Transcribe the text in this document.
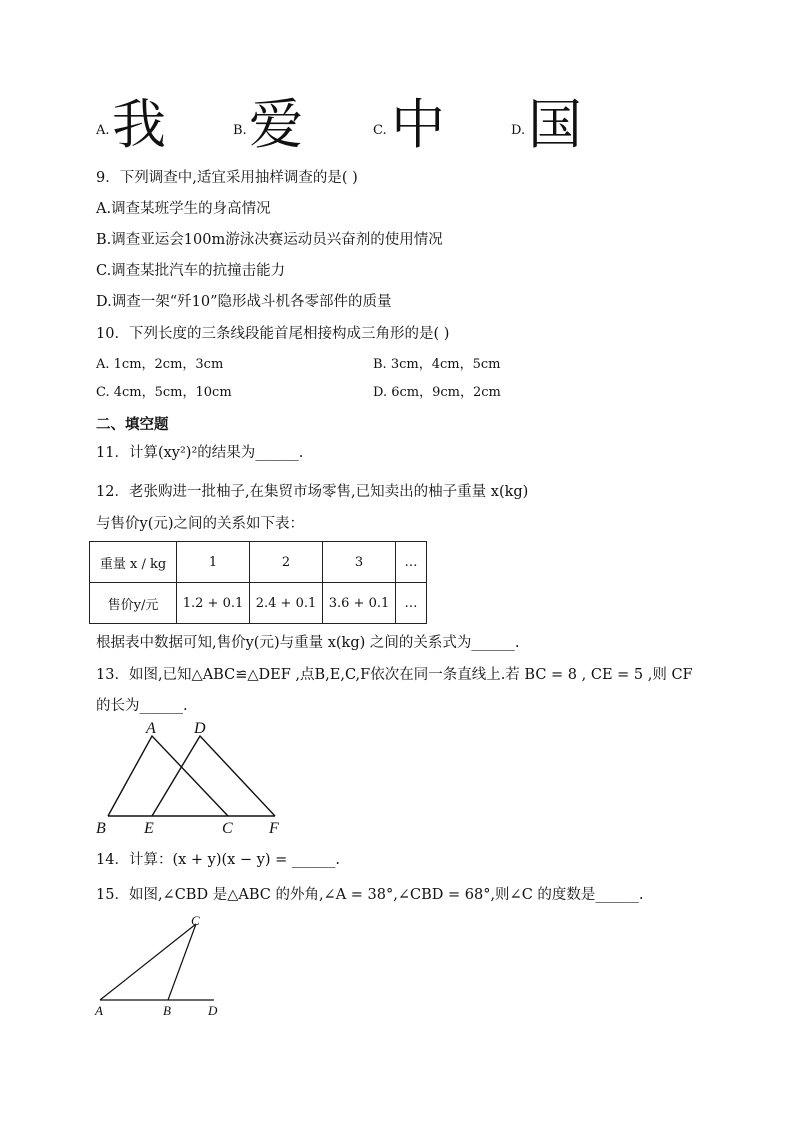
A. 我	B. 爱	C. 中	D. 国
9．下列调查中,适宜采用抽样调查的是( )
A.调查某班学生的身高情况
B.调查亚运会100m游泳决赛运动员兴奋剂的使用情况
C.调查某批汽车的抗撞击能力
D.调查一架“歼10”隐形战斗机各零部件的质量
10．下列长度的三条线段能首尾相接构成三角形的是( )
A. 1cm，2cm，3cm	B. 3cm，4cm，5cm
C. 4cm，5cm，10cm	D. 6cm，9cm，2cm
二、填空题
11．计算(xy²)²的结果为______.
12．老张购进一批柚子,在集贸市场零售,已知卖出的柚子重量 x(kg)
与售价y(元)之间的关系如下表：
重量 x / kg	1	2	3	…
售价y/元	1.2 + 0.1	2.4 + 0.1	3.6 + 0.1	…
根据表中数据可知,售价y(元)与重量 x(kg) 之间的关系式为______.
13．如图,已知△ABC≌△DEF ,点B,E,C,F依次在同一条直线上.若 BC = 8 , CE = 5 ,则 CF
的长为______.
A D
B E	C F
14．计算：(x + y)(x − y) = ______.
15．如图,∠CBD 是△ABC 的外角,∠A = 38°,∠CBD = 68°,则∠C 的度数是______.
C
A	B	D
